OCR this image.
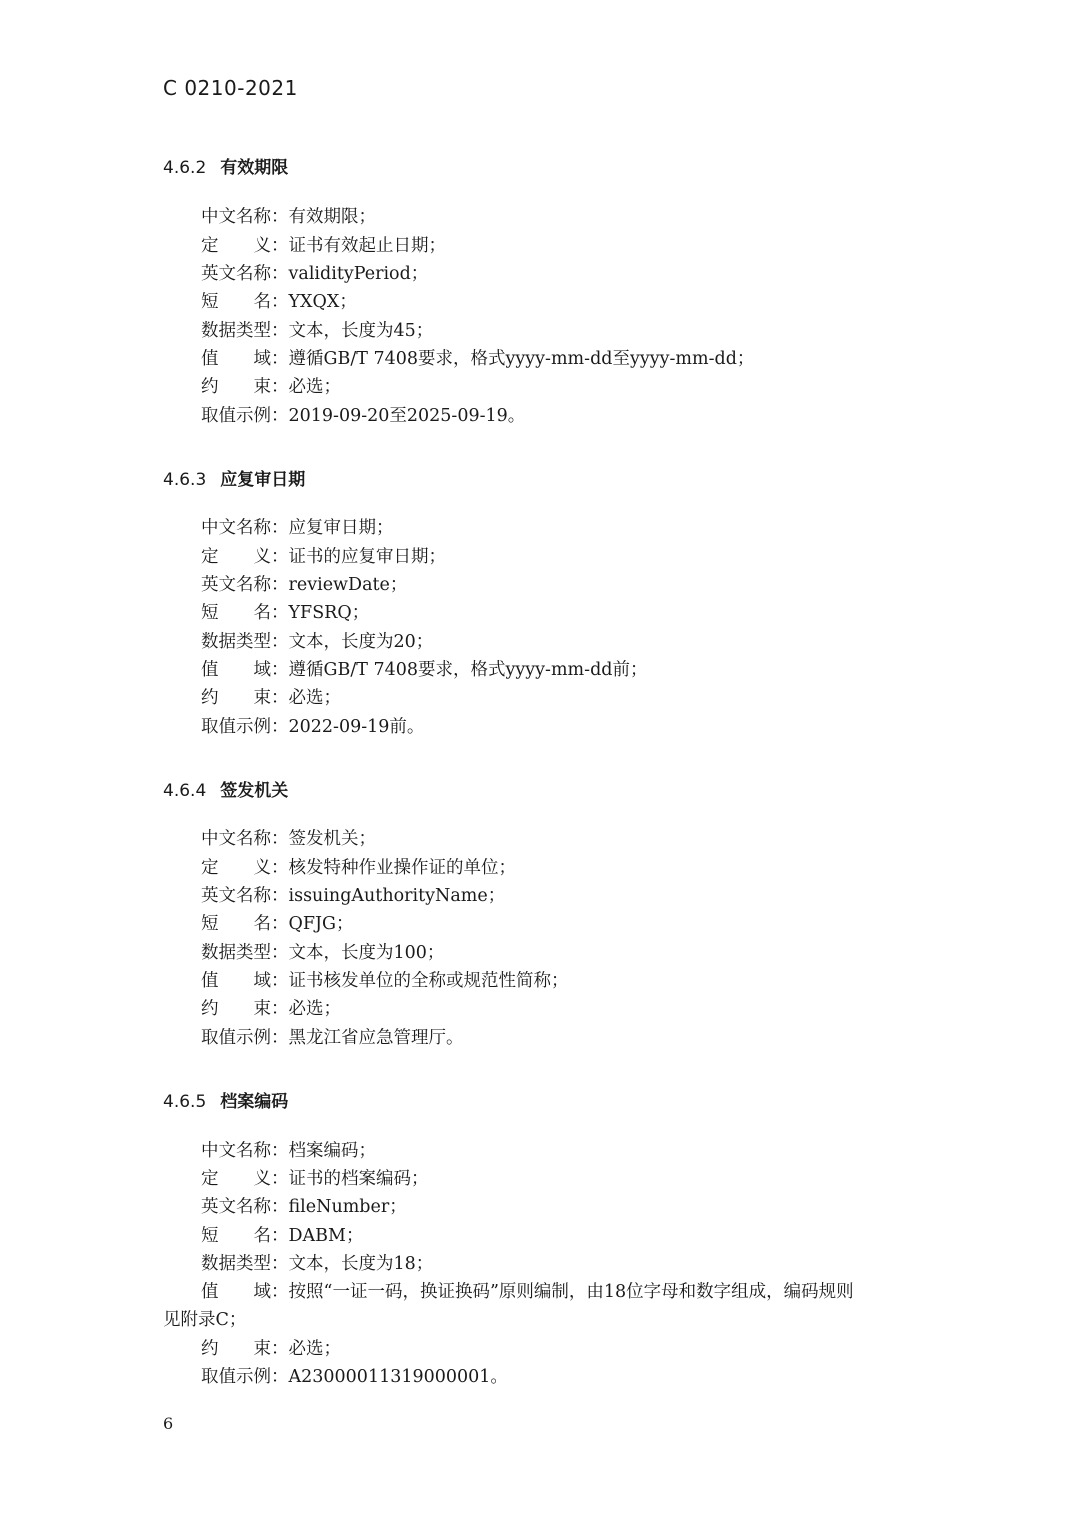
C 0210-2021
4.6.2 有效期限
中文名称：有效期限；
定　　义：证书有效起止日期；
英文名称：validityPeriod；
短　　名：YXQX；
数据类型：文本，长度为45；
值　　域：遵循GB/T 7408要求，格式yyyy-mm-dd至yyyy-mm-dd；
约　　束：必选；
取值示例：2019-09-20至2025-09-19。
4.6.3 应复审日期
中文名称：应复审日期；
定　　义：证书的应复审日期；
英文名称：reviewDate；
短　　名：YFSRQ；
数据类型：文本，长度为20；
值　　域：遵循GB/T 7408要求，格式yyyy-mm-dd前；
约　　束：必选；
取值示例：2022-09-19前。
4.6.4 签发机关
中文名称：签发机关；
定　　义：核发特种作业操作证的单位；
英文名称：issuingAuthorityName；
短　　名：QFJG；
数据类型：文本，长度为100；
值　　域：证书核发单位的全称或规范性简称；
约　　束：必选；
取值示例：黑龙江省应急管理厅。
4.6.5 档案编码
中文名称：档案编码；
定　　义：证书的档案编码；
英文名称：fileNumber；
短　　名：DABM；
数据类型：文本，长度为18；
值　　域：按照“一证一码，换证换码”原则编制，由18位字母和数字组成，编码规则
见附录C；
约　　束：必选；
取值示例：A23000011319000001。
6
